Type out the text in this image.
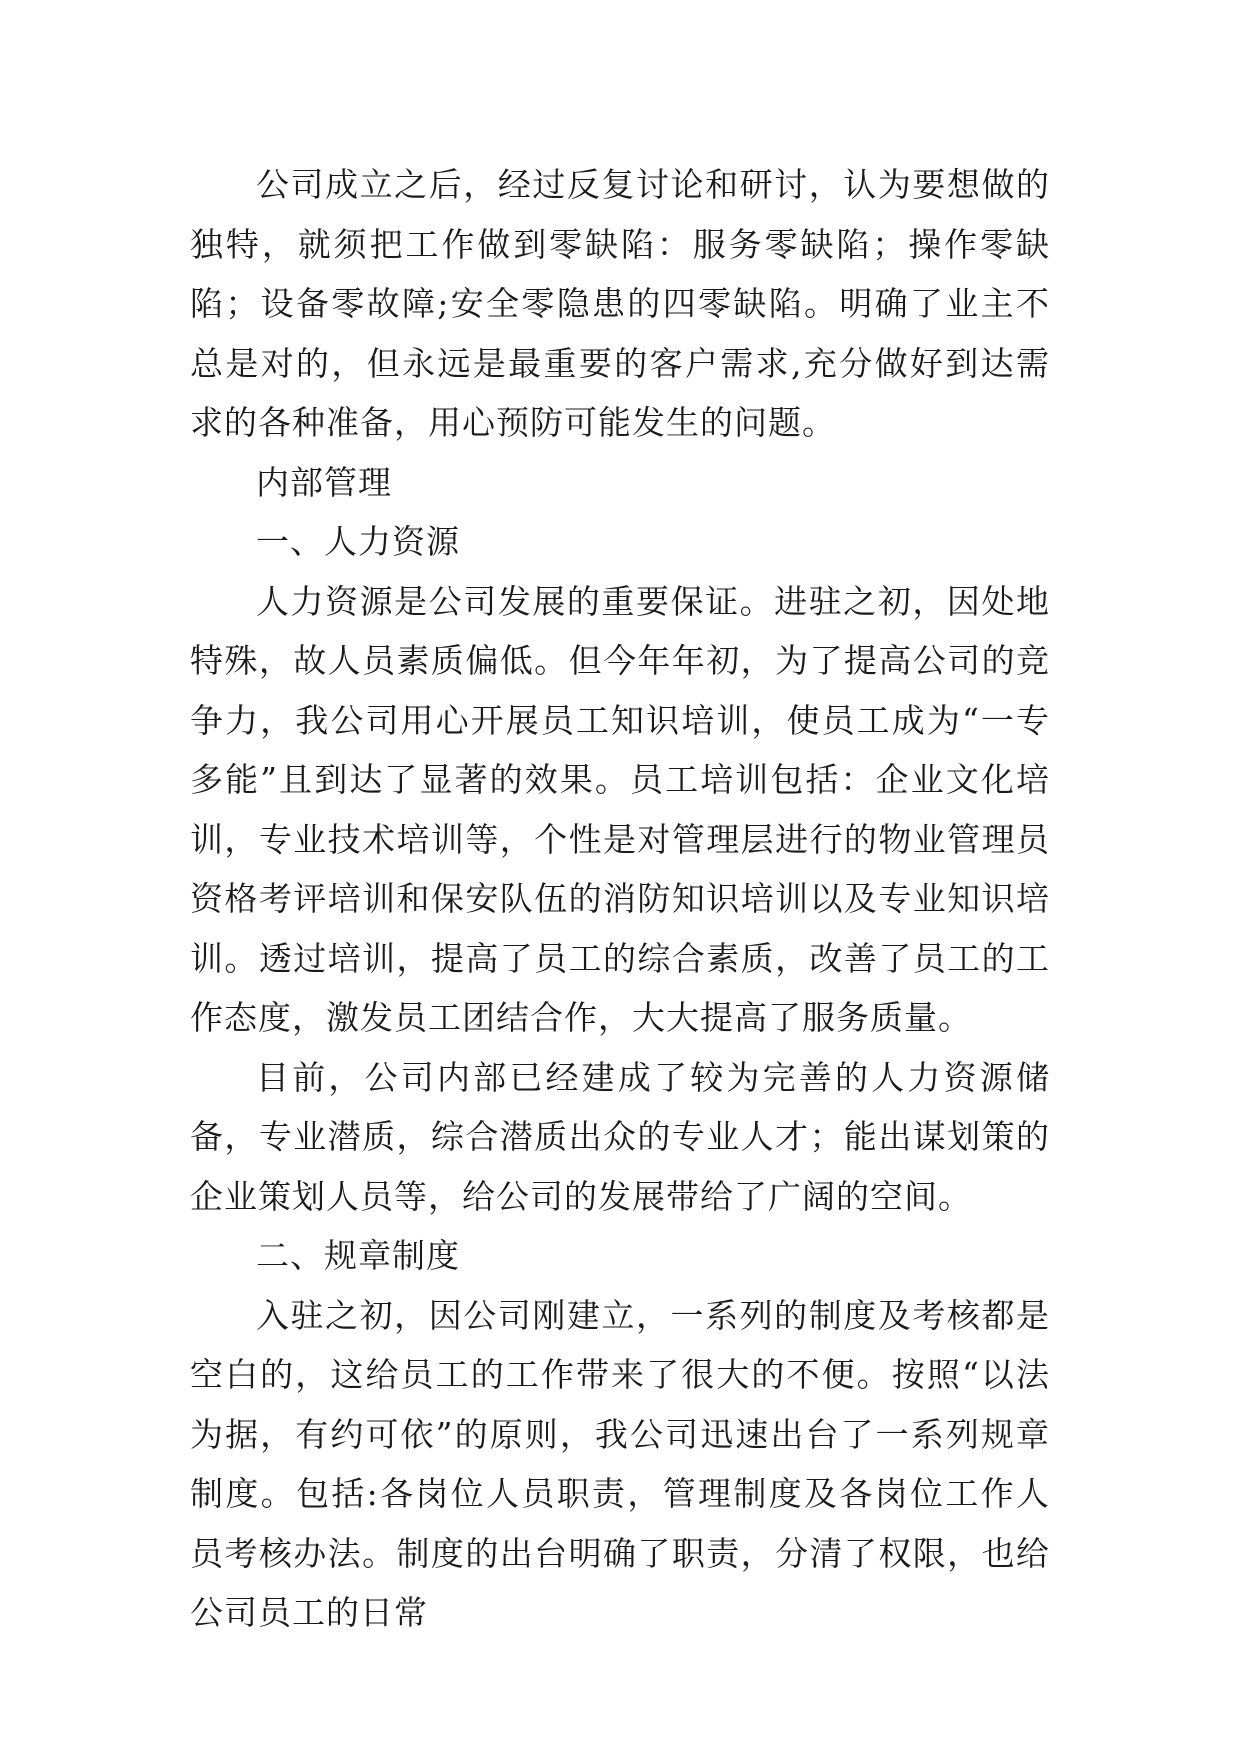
公司成立之后，经过反复讨论和研讨，认为要想做的独特，就须把工作做到零缺陷：服务零缺陷；操作零缺陷；设备零故障;安全零隐患的四零缺陷。明确了业主不总是对的，但永远是最重要的客户需求,充分做好到达需求的各种准备，用心预防可能发生的问题。

内部管理

一、人力资源

人力资源是公司发展的重要保证。进驻之初，因处地特殊，故人员素质偏低。但今年年初，为了提高公司的竞争力，我公司用心开展员工知识培训，使员工成为“一专多能”且到达了显著的效果。员工培训包括：企业文化培训，专业技术培训等，个性是对管理层进行的物业管理员资格考评培训和保安队伍的消防知识培训以及专业知识培训。透过培训，提高了员工的综合素质，改善了员工的工作态度，激发员工团结合作，大大提高了服务质量。

目前，公司内部已经建成了较为完善的人力资源储备，专业潜质，综合潜质出众的专业人才；能出谋划策的企业策划人员等，给公司的发展带给了广阔的空间。

二、规章制度

入驻之初，因公司刚建立，一系列的制度及考核都是空白的，这给员工的工作带来了很大的不便。按照“以法为据，有约可依”的原则，我公司迅速出台了一系列规章制度。包括:各岗位人员职责，管理制度及各岗位工作人员考核办法。制度的出台明确了职责，分清了权限，也给公司员工的日常
